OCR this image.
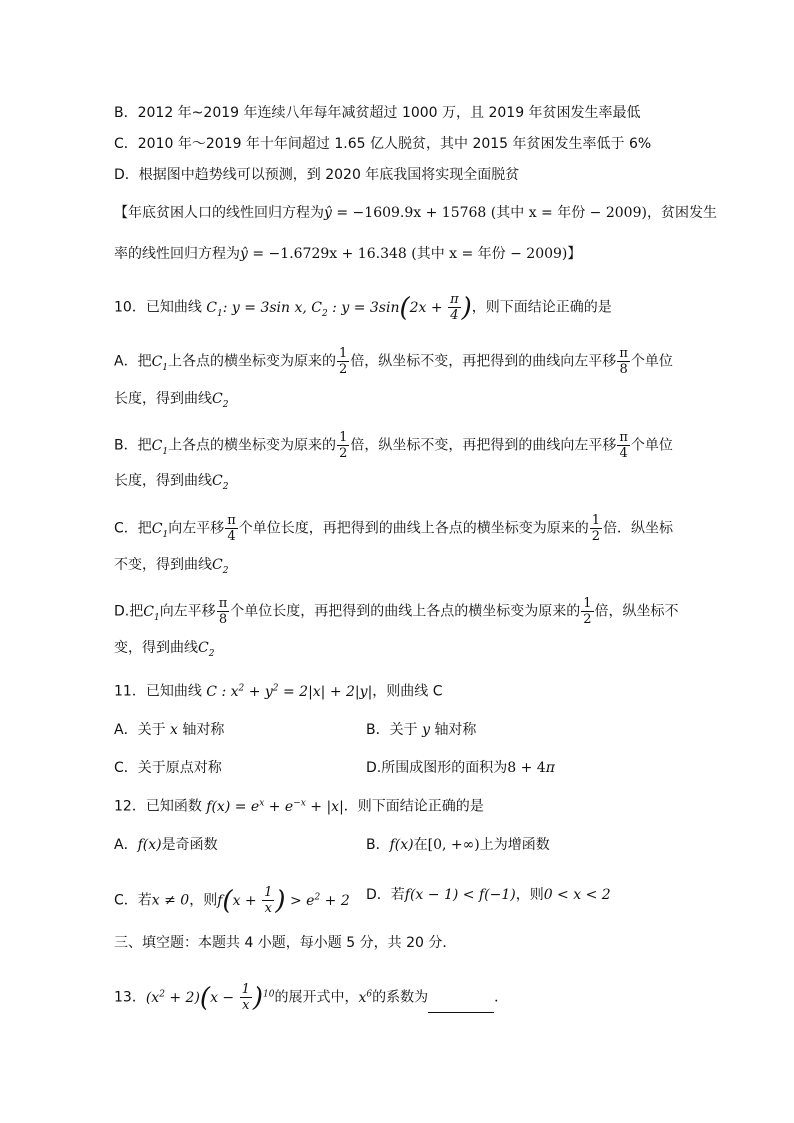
B．2012 年~2019 年连续八年每年减贫超过 1000 万，且 2019 年贫困发生率最低
C．2010 年～2019 年十年间超过 1.65 亿人脱贫，其中 2015 年贫困发生率低于 6%
D．根据图中趋势线可以预测，到 2020 年底我国将实现全面脱贫
【年底贫困人口的线性回归方程为ŷ = −1609.9x + 15768 (其中 x = 年份 − 2009)，贫困发生
率的线性回归方程为ŷ = −1.6729x + 16.348 (其中 x = 年份 − 2009)】
10．已知曲线 $C_1$: y = 3sin x, $C_2$ : $y = 3\sin(2x + \frac{\pi}{4}$ )，则下面结论正确的是
A．把$C_1$上各点的横坐标变为原来的 $\frac{1}{2}$ 倍，纵坐标不变，再把得到的曲线向左平移 $\frac{\pi}{8}$ 个单位
长度，得到曲线$C_2$
B．把$C_1$上各点的横坐标变为原来的 $\frac{1}{2}$ 倍，纵坐标不变，再把得到的曲线向左平移 $\frac{\pi}{4}$ 个单位
长度，得到曲线$C_2$
C．把$C_1$向左平移 $\frac{\pi}{4}$ 个单位长度，再把得到的曲线上各点的横坐标变为原来的 $\frac{1}{2}$ 倍．纵坐标
不变，得到曲线$C_2$
D.把$C_1$向左平移 $\frac{\pi}{8}$ 个单位长度，再把得到的曲线上各点的横坐标变为原来的 $\frac{1}{2}$ 倍，纵坐标不
变，得到曲线$C_2$
11．已知曲线 C : $x^2 + y^2 = 2|x| + 2|y|$，则曲线 C
A．关于 x 轴对称	B．关于 y 轴对称
C．关于原点对称	D.所围成图形的面积为8 + 4π
12．已知函数 $f(x) = e^x + e^{-x} + |x|$．则下面结论正确的是
A．f(x)是奇函数	B．f(x)在[0, +∞)上为增函数
C．若x ≠ 0，则$f(x + \frac{1}{x}$ ) > $e^2 + 2$ D．若f(x − 1) < f(−1)，则0 < x < 2
三、填空题：本题共 4 小题，每小题 5 分，共 20 分．
13．$(x^2 + 2)(x - \frac{1}{x} )^{10}$的展开式中，$x^6$的系数为	．
